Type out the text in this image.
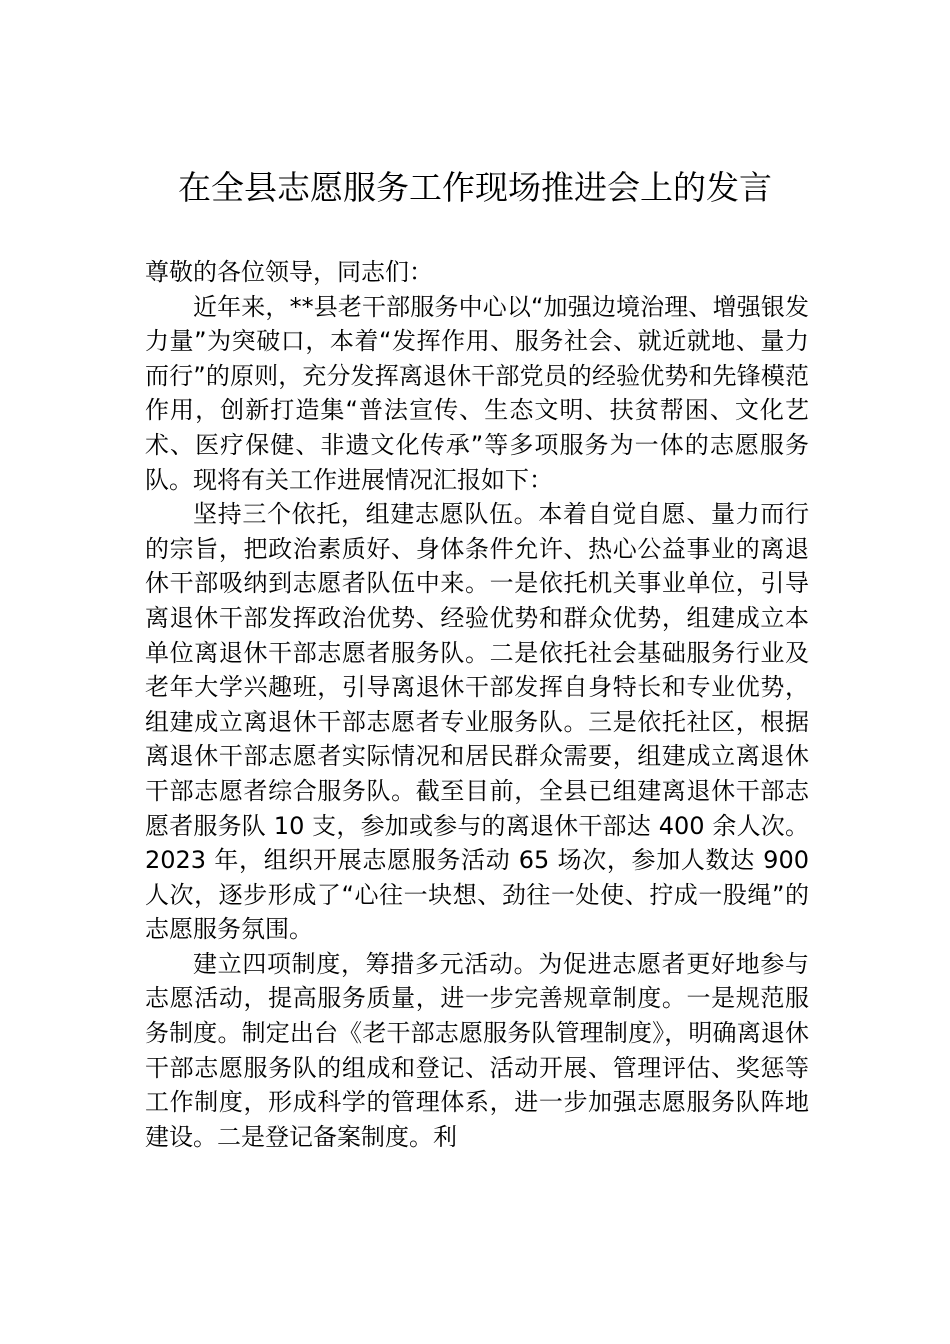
在全县志愿服务工作现场推进会上的发言

尊敬的各位领导，同志们：

近年来，**县老干部服务中心以“加强边境治理、增强银发力量”为突破口，本着“发挥作用、服务社会、就近就地、量力而行”的原则，充分发挥离退休干部党员的经验优势和先锋模范作用，创新打造集“普法宣传、生态文明、扶贫帮困、文化艺术、医疗保健、非遗文化传承”等多项服务为一体的志愿服务队。现将有关工作进展情况汇报如下：

坚持三个依托，组建志愿队伍。本着自觉自愿、量力而行的宗旨，把政治素质好、身体条件允许、热心公益事业的离退休干部吸纳到志愿者队伍中来。一是依托机关事业单位，引导离退休干部发挥政治优势、经验优势和群众优势，组建成立本单位离退休干部志愿者服务队。二是依托社会基础服务行业及老年大学兴趣班，引导离退休干部发挥自身特长和专业优势，组建成立离退休干部志愿者专业服务队。三是依托社区，根据离退休干部志愿者实际情况和居民群众需要，组建成立离退休干部志愿者综合服务队。截至目前，全县已组建离退休干部志愿者服务队 10 支，参加或参与的离退休干部达 400 余人次。2023 年，组织开展志愿服务活动 65 场次，参加人数达 900 人次，逐步形成了“心往一块想、劲往一处使、拧成一股绳”的志愿服务氛围。

建立四项制度，筹措多元活动。为促进志愿者更好地参与志愿活动，提高服务质量，进一步完善规章制度。一是规范服务制度。制定出台《老干部志愿服务队管理制度》，明确离退休干部志愿服务队的组成和登记、活动开展、管理评估、奖惩等工作制度，形成科学的管理体系，进一步加强志愿服务队阵地建设。二是登记备案制度。利
